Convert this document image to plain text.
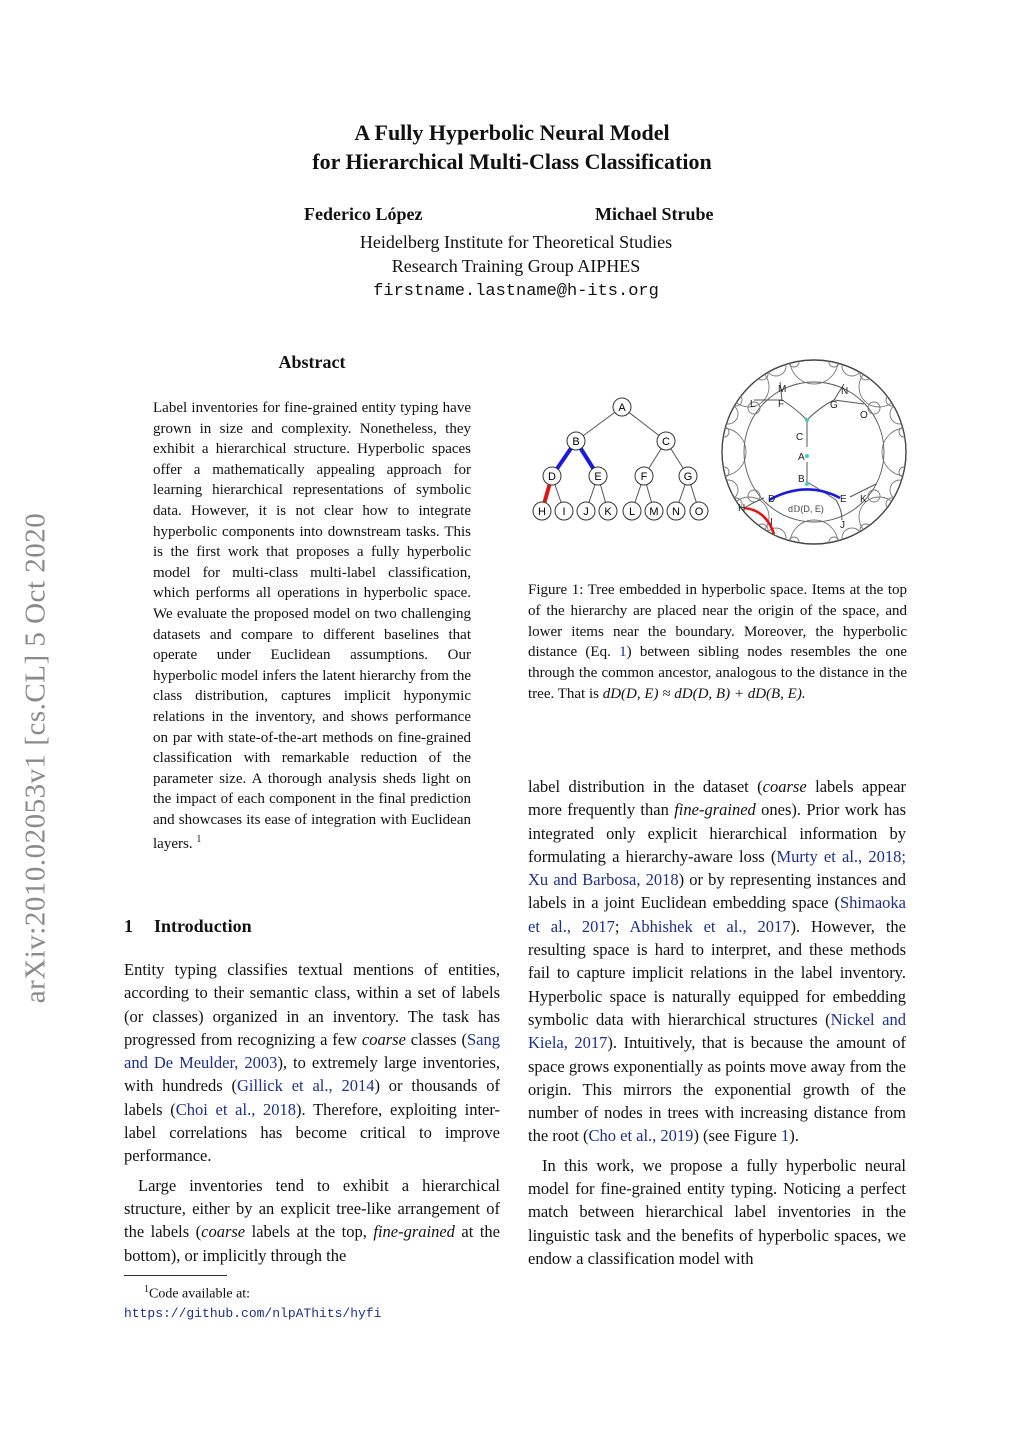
A Fully Hyperbolic Neural Model
for Hierarchical Multi-Class Classification
Federico López	Michael Strube
Heidelberg Institute for Theoretical Studies
Research Training Group AIPHES
firstname.lastname@h-its.org
arXiv:2010.02053v1 [cs.CL] 5 Oct 2020
Abstract
Label inventories for fine-grained entity typing have grown in size and complexity. Nonetheless, they exhibit a hierarchical structure. Hyperbolic spaces offer a mathematically appealing approach for learning hierarchical representations of symbolic data. However, it is not clear how to integrate hyperbolic components into downstream tasks. This is the first work that proposes a fully hyperbolic model for multi-class multi-label classification, which performs all operations in hyperbolic space. We evaluate the proposed model on two challenging datasets and compare to different baselines that operate under Euclidean assumptions. Our hyperbolic model infers the latent hierarchy from the class distribution, captures implicit hyponymic relations in the inventory, and shows performance on par with state-of-the-art methods on fine-grained classification with remarkable reduction of the parameter size. A thorough analysis sheds light on the impact of each component in the final prediction and showcases its ease of integration with Euclidean layers. $^1$
1 Introduction

Entity typing classifies textual mentions of entities, according to their semantic class, within a set of labels (or classes) organized in an inventory. The task has progressed from recognizing a few coarse classes (Sang and De Meulder, 2003), to extremely large inventories, with hundreds (Gillick et al., 2014) or thousands of labels (Choi et al., 2018). Therefore, exploiting inter-label correlations has become critical to improve performance.

Large inventories tend to exhibit a hierarchical structure, either by an explicit tree-like arrangement of the labels (coarse labels at the top, fine-grained at the bottom), or implicitly through the

$^1$Code available at:
https://github.com/nlpAThits/hyfi
A
B	C
D	E	F	G
H I J K L M N O
M	N
L F	G
O
C
A
B
D	E K
H
I	J
d𝔻(D, E)
Figure 1: Tree embedded in hyperbolic space. Items at the top of the hierarchy are placed near the origin of the space, and lower items near the boundary. Moreover, the hyperbolic distance (Eq. 1) between sibling nodes resembles the one through the common ancestor, analogous to the distance in the tree. That is dD(D, E) ≈ dD(D, B) + dD(B, E).

label distribution in the dataset (coarse labels appear more frequently than fine-grained ones). Prior work has integrated only explicit hierarchical information by formulating a hierarchy-aware loss (Murty et al., 2018; Xu and Barbosa, 2018) or by representing instances and labels in a joint Euclidean embedding space (Shimaoka et al., 2017; Abhishek et al., 2017). However, the resulting space is hard to interpret, and these methods fail to capture implicit relations in the label inventory. Hyperbolic space is naturally equipped for embedding symbolic data with hierarchical structures (Nickel and Kiela, 2017). Intuitively, that is because the amount of space grows exponentially as points move away from the origin. This mirrors the exponential growth of the number of nodes in trees with increasing distance from the root (Cho et al., 2019) (see Figure 1).

In this work, we propose a fully hyperbolic neural model for fine-grained entity typing. Noticing a perfect match between hierarchical label inventories in the linguistic task and the benefits of hyperbolic spaces, we endow a classification model with
